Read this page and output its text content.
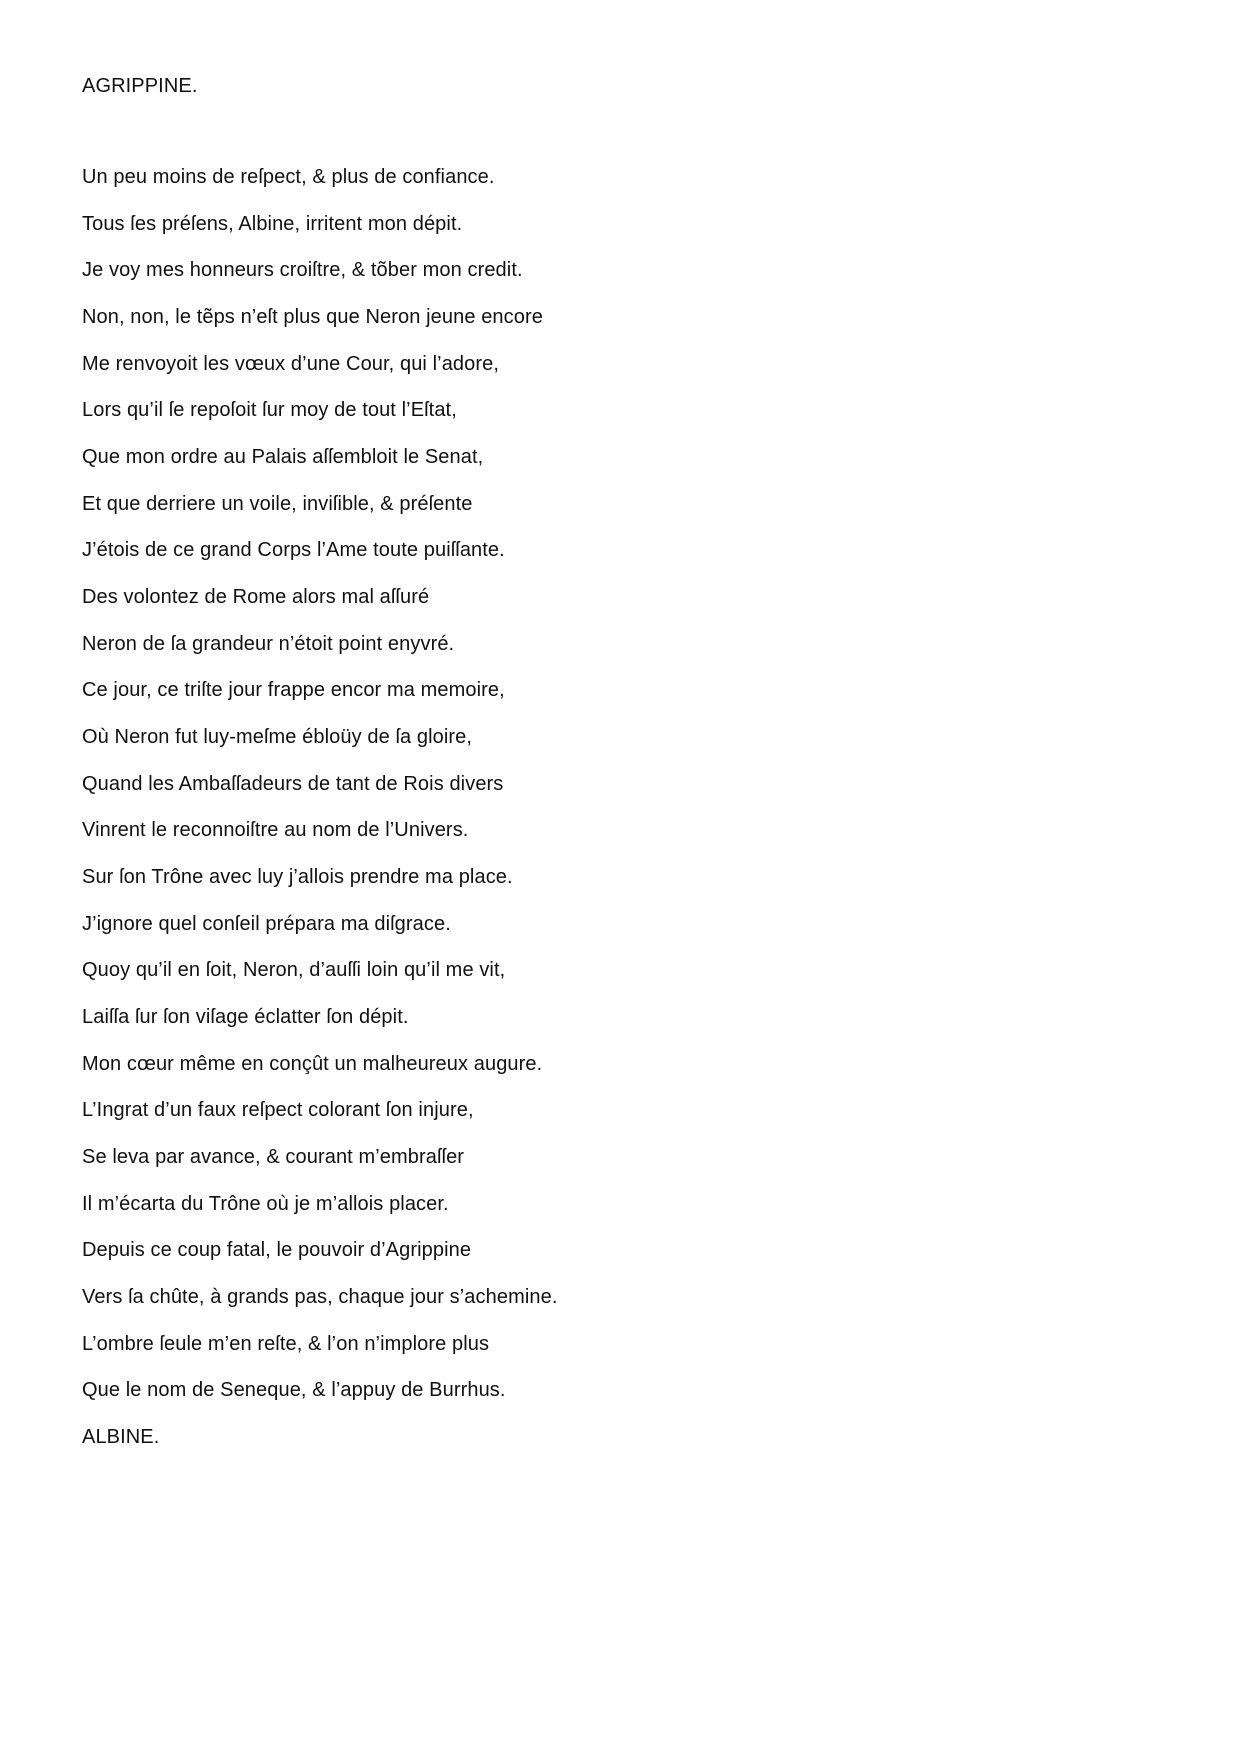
AGRIPPINE.
Un peu moins de reſpect, & plus de confiance.
Tous ſes préſens, Albine, irritent mon dépit.
Je voy mes honneurs croiſtre, & tõber mon credit.
Non, non, le tẽps n’eſt plus que Neron jeune encore
Me renvoyoit les vœux d’une Cour, qui l’adore,
Lors qu’il ſe repoſoit ſur moy de tout l’Eſtat,
Que mon ordre au Palais aſſembloit le Senat,
Et que derriere un voile, inviſible, & préſente
J’étois de ce grand Corps l’Ame toute puiſſante.
Des volontez de Rome alors mal aſſuré
Neron de ſa grandeur n’étoit point enyvré.
Ce jour, ce triſte jour frappe encor ma memoire,
Où Neron fut luy-meſme ébloüy de ſa gloire,
Quand les Ambaſſadeurs de tant de Rois divers
Vinrent le reconnoiſtre au nom de l’Univers.
Sur ſon Trône avec luy j’allois prendre ma place.
J’ignore quel conſeil prépara ma diſgrace.
Quoy qu’il en ſoit, Neron, d’auſſi loin qu’il me vit,
Laiſſa ſur ſon viſage éclatter ſon dépit.
Mon cœur même en conçût un malheureux augure.
L’Ingrat d’un faux reſpect colorant ſon injure,
Se leva par avance, & courant m’embraſſer
Il m’écarta du Trône où je m’allois placer.
Depuis ce coup fatal, le pouvoir d’Agrippine
Vers ſa chûte, à grands pas, chaque jour s’achemine.
L’ombre ſeule m’en reſte, & l’on n’implore plus
Que le nom de Seneque, & l’appuy de Burrhus.
ALBINE.
